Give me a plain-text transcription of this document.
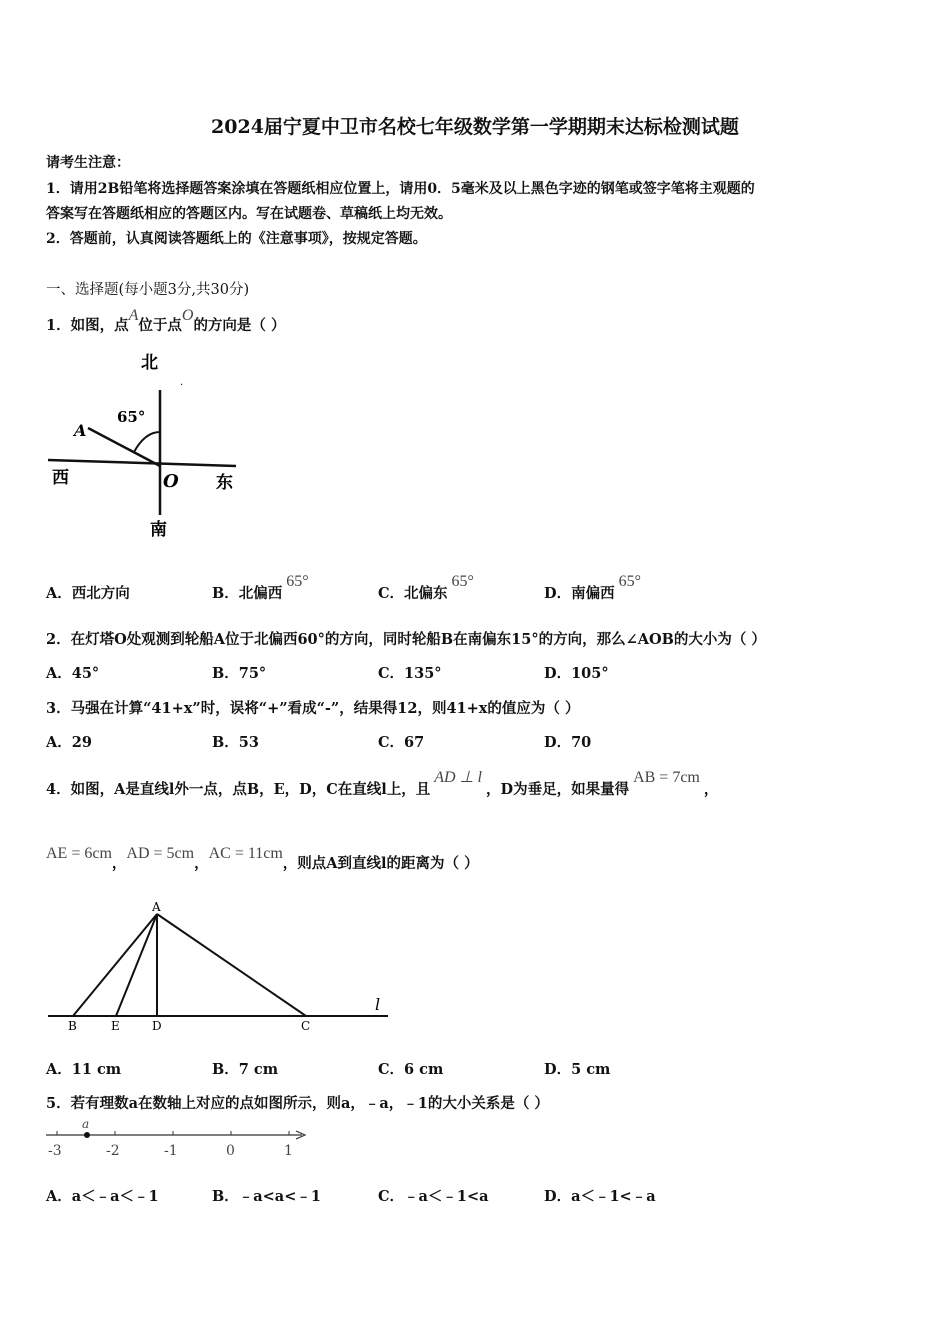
2024届宁夏中卫市名校七年级数学第一学期期末达标检测试题
请考生注意：
1．请用2B铅笔将选择题答案涂填在答题纸相应位置上，请用0．5毫米及以上黑色字迹的钢笔或签字笔将主观题的
答案写在答题纸相应的答题区内。写在试题卷、草稿纸上均无效。
2．答题前，认真阅读答题纸上的《注意事项》，按规定答题。
一、选择题(每小题3分,共30分)
1．如图，点A位于点O的方向是（ ）
北
.
65°
A
西	O 东
南
A．西北方向	B．北偏西65°
C．北偏东65°
D．南偏西65°
2．在灯塔O处观测到轮船A位于北偏西60°的方向，同时轮船B在南偏东15°的方向，那么∠AOB的大小为（ ）
A．45°	B．75°	C．135°	D．105°
3．马强在计算“41+x”时，误将“+”看成“-”，结果得12，则41+x的值应为（ ）
A．29	B．53	C．67	D．70
4．如图，A是直线l外一点，点B，E，D，C在直线l上，且AD ⊥ l，D为垂足，如果量得AB = 7cm，
AE = 6cm，AD = 5cm，AC = 11cm，则点A到直线l的距离为（ ）
A
B	E	D	C
l
A．11 cm	B．7 cm	C．6 cm	D．5 cm
5．若有理数a在数轴上对应的点如图所示，则a，﹣a，﹣1的大小关系是（ ）
a
-3	-2	-1	0	1
A．a＜﹣a＜﹣1	B．﹣a<a<﹣1	C．﹣a＜﹣1<a	D．a＜﹣1<﹣a
